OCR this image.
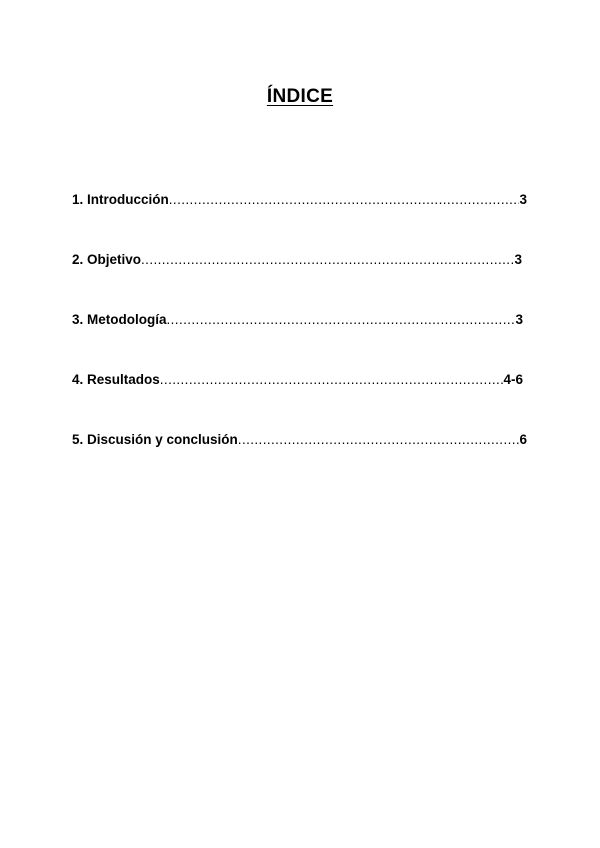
ÍNDICE
1. Introducción .....	3
2. Objetivo .....	3
3. Metodología .....	3
4. Resultados .....	4-6
5. Discusión y conclusión .....	6
